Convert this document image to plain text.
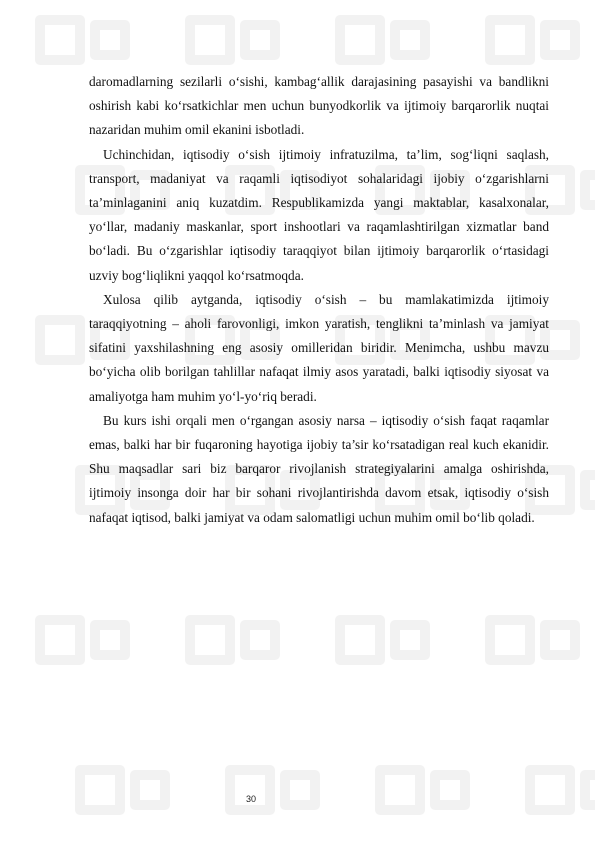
daromadlarning sezilarli o‘sishi, kambag‘allik darajasining pasayishi va bandlikni oshirish kabi ko‘rsatkichlar men uchun bunyodkorlik va ijtimoiy barqarorlik nuqtai nazaridan muhim omil ekanini isbotladi.

Uchinchidan, iqtisodiy o‘sish ijtimoiy infratuzilma, ta’lim, sog‘liqni saqlash, transport, madaniyat va raqamli iqtisodiyot sohalaridagi ijobiy o‘zgarishlarni ta’minlaganini aniq kuzatdim. Respublikamizda yangi maktablar, kasalxonalar, yo‘llar, madaniy maskanlar, sport inshootlari va raqamlashtirilgan xizmatlar band bo‘ladi. Bu o‘zgarishlar iqtisodiy taraqqiyot bilan ijtimoiy barqarorlik o‘rtasidagi uzviy bog‘liqlikni yaqqol ko‘rsatmoqda.

Xulosa qilib aytganda, iqtisodiy o‘sish – bu mamlakatimizda ijtimoiy taraqqiyotning – aholi farovonligi, imkon yaratish, tenglikni ta’minlash va jamiyat sifatini yaxshilashning eng asosiy omilleridan biridir. Menimcha, ushbu mavzu bo‘yicha olib borilgan tahlillar nafaqat ilmiy asos yaratadi, balki iqtisodiy siyosat va amaliyotga ham muhim yo‘l-yo‘riq beradi.

Bu kurs ishi orqali men o‘rgangan asosiy narsa – iqtisodiy o‘sish faqat raqamlar emas, balki har bir fuqaroning hayotiga ijobiy ta’sir ko‘rsatadigan real kuch ekanidir. Shu maqsadlar sari biz barqaror rivojlanish strategiyalarini amalga oshirishda, ijtimoiy insonga doir har bir sohani rivojlantirishda davom etsak, iqtisodiy o‘sish nafaqat iqtisod, balki jamiyat va odam salomatligi uchun muhim omil bo‘lib qoladi.

30
